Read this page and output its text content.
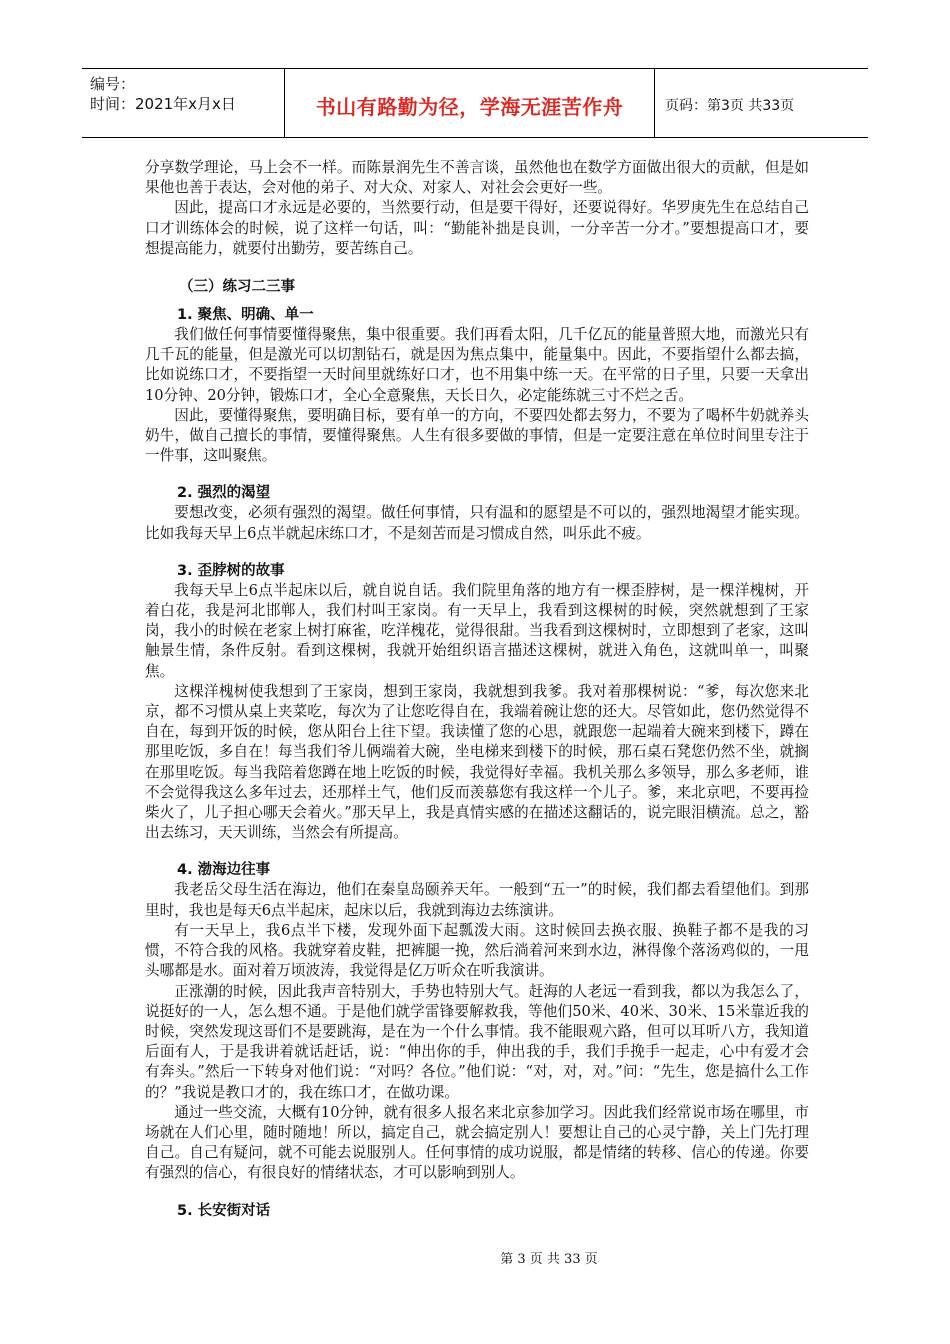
编号：
时间：2021年x月x日	书山有路勤为径，学海无涯苦作舟	页码：第3页 共33页

分享数学理论，马上会不一样。而陈景润先生不善言谈，虽然他也在数学方面做出很大的贡献，但是如果他也善于表达，会对他的弟子、对大众、对家人、对社会会更好一些。

因此，提高口才永远是必要的，当然要行动，但是要干得好，还要说得好。华罗庚先生在总结自己口才训练体会的时候，说了这样一句话，叫：“勤能补拙是良训，一分辛苦一分才。”要想提高口才，要想提高能力，就要付出勤劳，要苦练自己。

（三）练习二三事
1. 聚焦、明确、单一

我们做任何事情要懂得聚焦，集中很重要。我们再看太阳，几千亿瓦的能量普照大地，而激光只有几千瓦的能量，但是激光可以切割钻石，就是因为焦点集中，能量集中。因此，不要指望什么都去搞，比如说练口才，不要指望一天时间里就练好口才，也不用集中练一天。在平常的日子里，只要一天拿出10分钟、20分钟，锻炼口才，全心全意聚焦，天长日久，必定能练就三寸不烂之舌。

因此，要懂得聚焦，要明确目标，要有单一的方向，不要四处都去努力，不要为了喝杯牛奶就养头奶牛，做自己擅长的事情，要懂得聚焦。人生有很多要做的事情，但是一定要注意在单位时间里专注于一件事，这叫聚焦。

2. 强烈的渴望

要想改变，必须有强烈的渴望。做任何事情，只有温和的愿望是不可以的，强烈地渴望才能实现。比如我每天早上6点半就起床练口才，不是刻苦而是习惯成自然，叫乐此不疲。

3. 歪脖树的故事

我每天早上6点半起床以后，就自说自话。我们院里角落的地方有一棵歪脖树，是一棵洋槐树，开着白花，我是河北邯郸人，我们村叫王家岗。有一天早上，我看到这棵树的时候，突然就想到了王家岗，我小的时候在老家上树打麻雀，吃洋槐花，觉得很甜。当我看到这棵树时，立即想到了老家，这叫触景生情，条件反射。看到这棵树，我就开始组织语言描述这棵树，就进入角色，这就叫单一，叫聚焦。

这棵洋槐树使我想到了王家岗，想到王家岗，我就想到我爹。我对着那棵树说：“爹，每次您来北京，都不习惯从桌上夹菜吃，每次为了让您吃得自在，我端着碗让您的还大。尽管如此，您仍然觉得不自在，每到开饭的时候，您从阳台上往下望。我读懂了您的心思，就跟您一起端着大碗来到楼下，蹲在那里吃饭，多自在！每当我们爷儿俩端着大碗，坐电梯来到楼下的时候，那石桌石凳您仍然不坐，就搁在那里吃饭。每当我陪着您蹲在地上吃饭的时候，我觉得好幸福。我机关那么多领导，那么多老师，谁不会觉得我这么多年过去，还那样土气，他们反而羡慕您有我这样一个儿子。爹，来北京吧，不要再捡柴火了，儿子担心哪天会着火。”那天早上，我是真情实感的在描述这翻话的，说完眼泪横流。总之，豁出去练习，天天训练，当然会有所提高。

4. 渤海边往事

我老岳父母生活在海边，他们在秦皇岛颐养天年。一般到“五一”的时候，我们都去看望他们。到那里时，我也是每天6点半起床，起床以后，我就到海边去练演讲。

有一天早上，我6点半下楼，发现外面下起瓢泼大雨。这时候回去换衣服、换鞋子都不是我的习惯，不符合我的风格。我就穿着皮鞋，把裤腿一挽，然后淌着河来到水边，淋得像个落汤鸡似的，一甩头哪都是水。面对着万顷波涛，我觉得是亿万听众在听我演讲。

正涨潮的时候，因此我声音特别大，手势也特别大气。赶海的人老远一看到我，都以为我怎么了，说挺好的一人，怎么想不通。于是他们就学雷锋要解救我，等他们50米、40米、30米、15米靠近我的时候，突然发现这哥们不是要跳海，是在为一个什么事情。我不能眼观六路，但可以耳听八方，我知道后面有人，于是我讲着就话赶话，说：“伸出你的手，伸出我的手，我们手挽手一起走，心中有爱才会有奔头。”然后一下转身对他们说：“对吗？各位。”他们说：“对，对，对。”问：“先生，您是搞什么工作的？”我说是教口才的，我在练口才，在做功课。

通过一些交流，大概有10分钟，就有很多人报名来北京参加学习。因此我们经常说市场在哪里，市场就在人们心里，随时随地！所以，搞定自己，就会搞定别人！要想让自己的心灵宁静，关上门先打理自己。自己有疑问，就不可能去说服别人。任何事情的成功说服，都是情绪的转移、信心的传递。你要有强烈的信心，有很良好的情绪状态，才可以影响到别人。

5. 长安街对话
第 3 页 共 33 页
